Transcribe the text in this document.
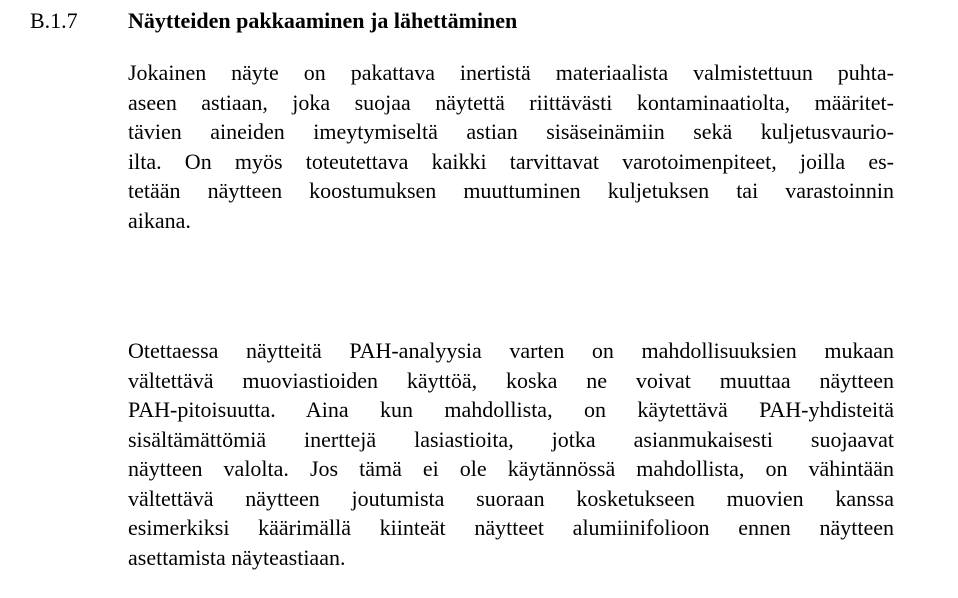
B.1.7 Näytteiden pakkaaminen ja lähettäminen
Jokainen näyte on pakattava inertistä materiaalista valmistettuun puhta-
aseen astiaan, joka suojaa näytettä riittävästi kontaminaatiolta, määritet-
tävien aineiden imeytymiseltä astian sisäseinämiin sekä kuljetusvaurio-
ilta. On myös toteutettava kaikki tarvittavat varotoimenpiteet, joilla es-
tetään näytteen koostumuksen muuttuminen kuljetuksen tai varastoinnin
aikana.
Otettaessa näytteitä PAH-analyysia varten on mahdollisuuksien mukaan
vältettävä muoviastioiden käyttöä, koska ne voivat muuttaa näytteen
PAH-pitoisuutta. Aina kun mahdollista, on käytettävä PAH-yhdisteitä
sisältämättömiä inerttejä lasiastioita, jotka asianmukaisesti suojaavat
näytteen valolta. Jos tämä ei ole käytännössä mahdollista, on vähintään
vältettävä näytteen joutumista suoraan kosketukseen muovien kanssa
esimerkiksi käärimällä kiinteät näytteet alumiinifolioon ennen näytteen
asettamista näyteastiaan.
